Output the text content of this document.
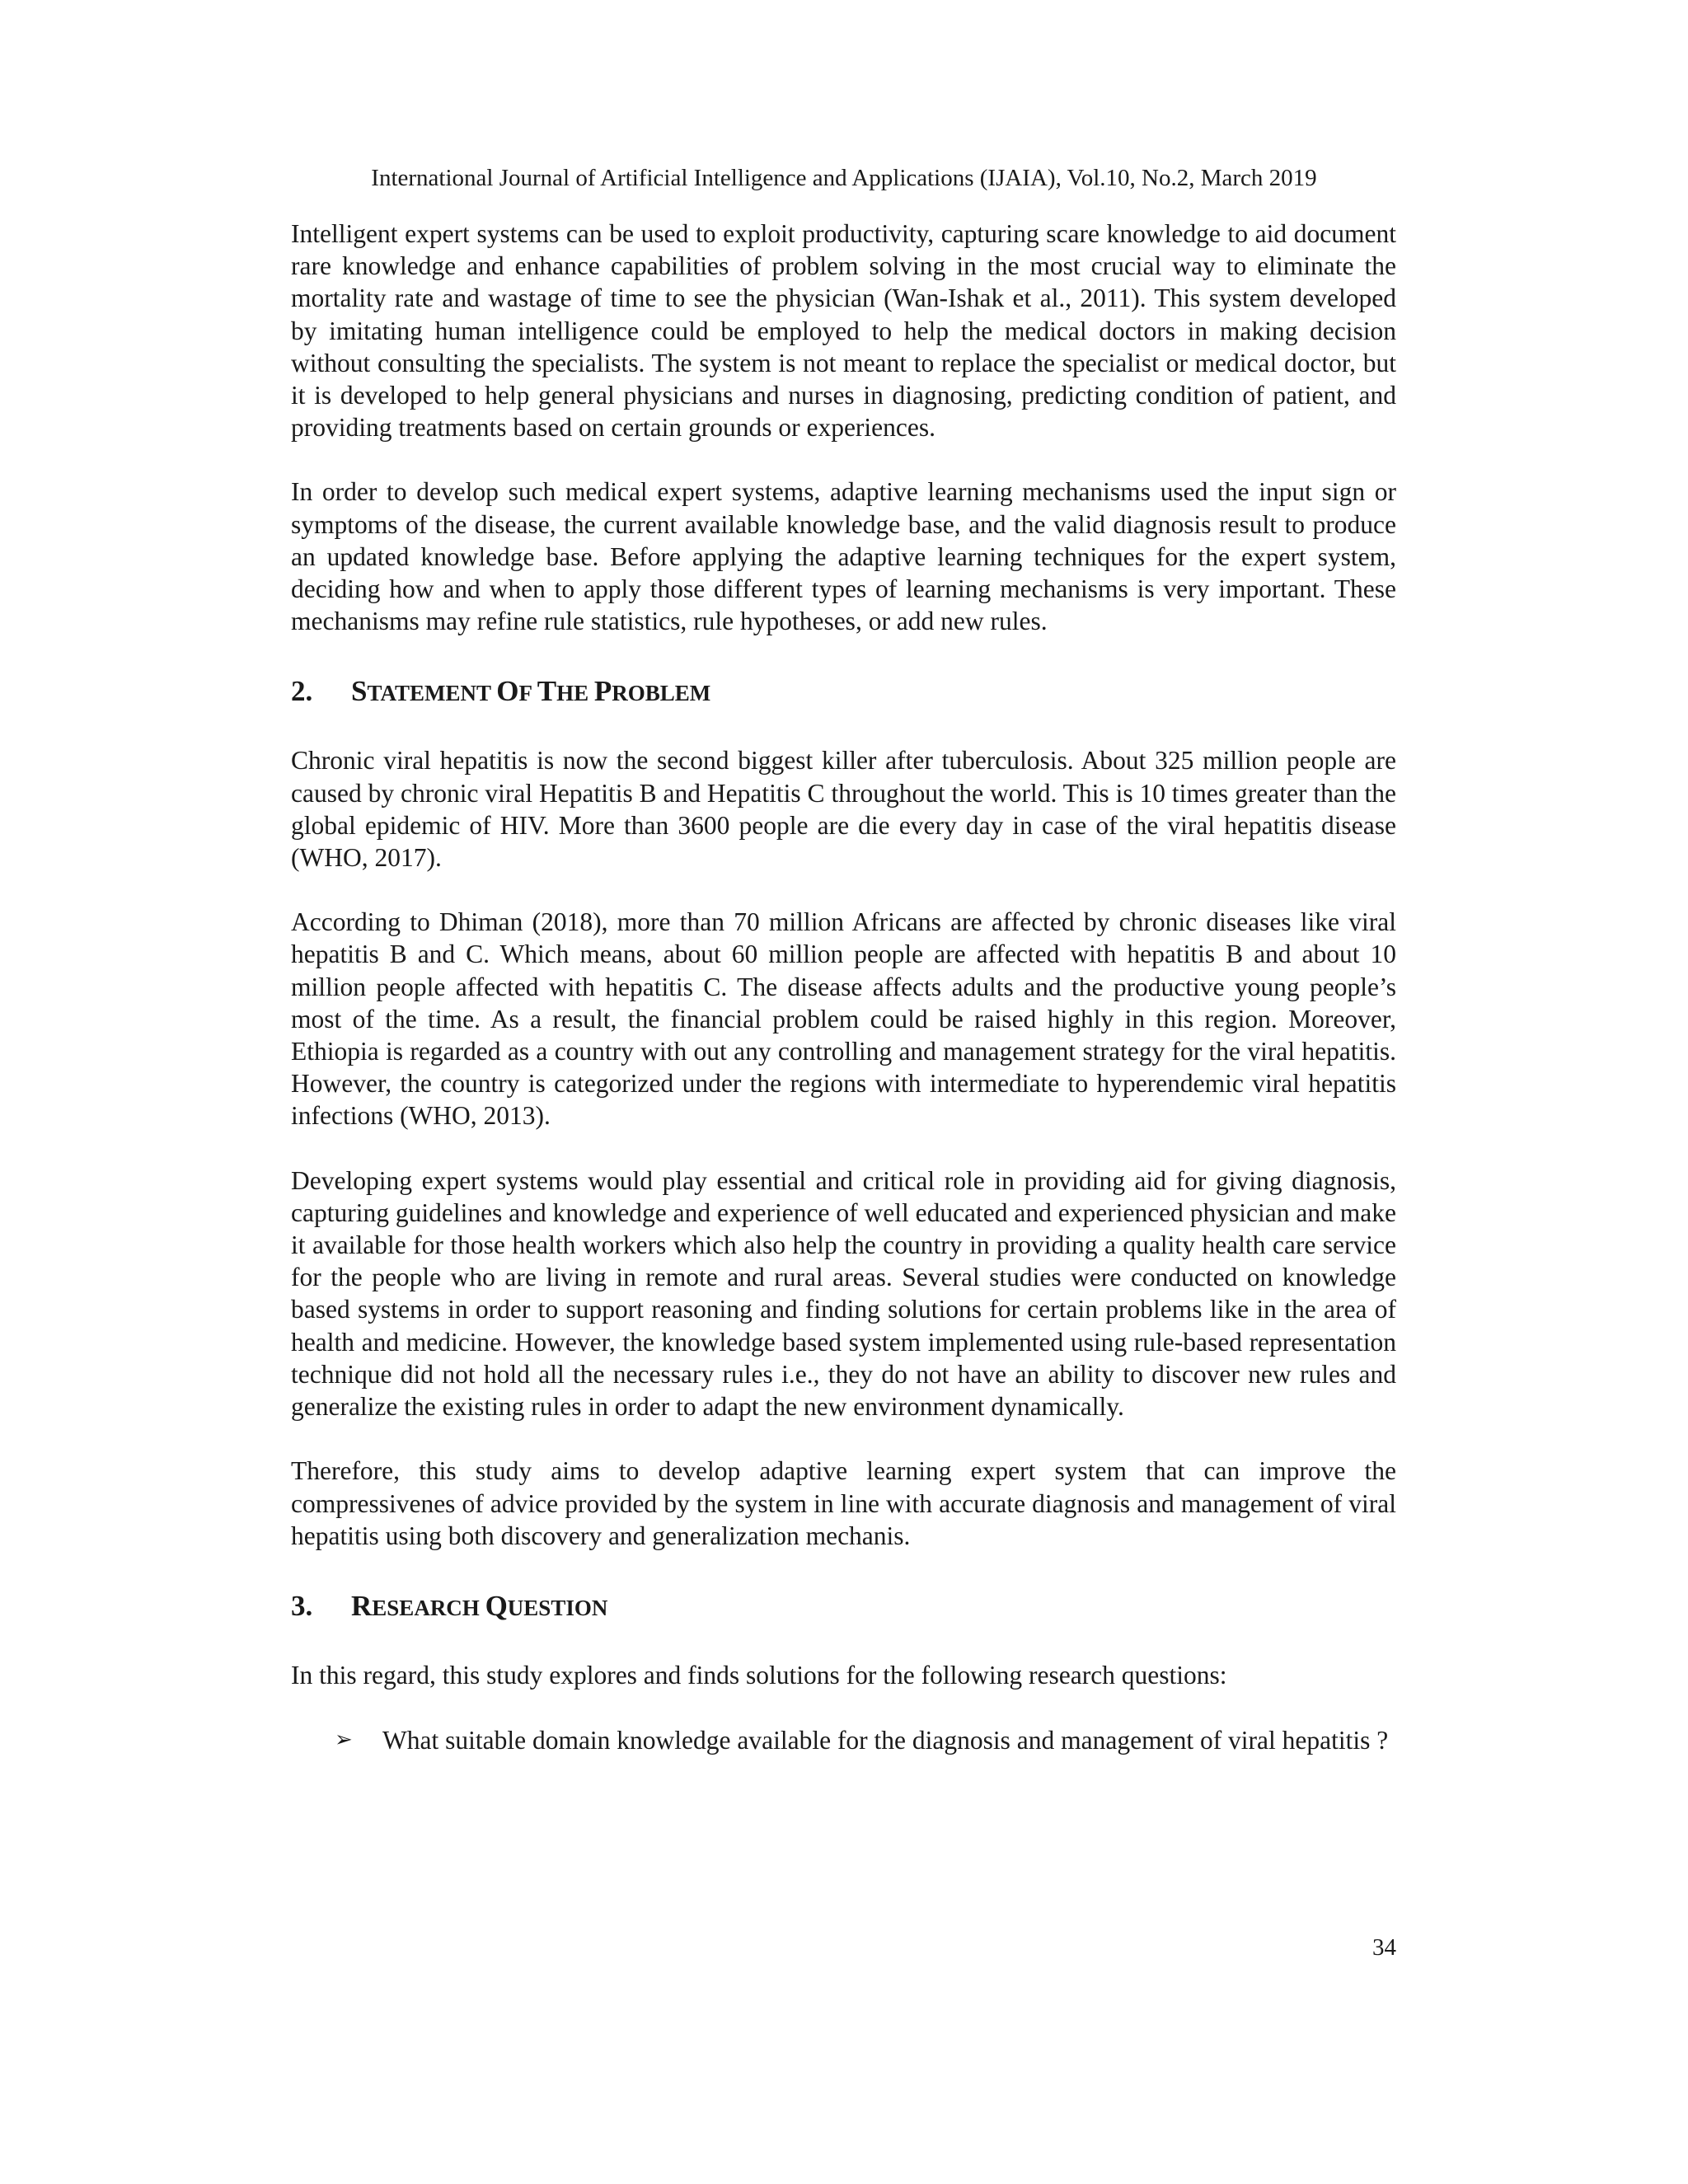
International Journal of Artificial Intelligence and Applications (IJAIA), Vol.10, No.2, March 2019

Intelligent expert systems can be used to exploit productivity, capturing scare knowledge to aid document rare knowledge and enhance capabilities of problem solving in the most crucial way to eliminate the mortality rate and wastage of time to see the physician (Wan-Ishak et al., 2011). This system developed by imitating human intelligence could be employed to help the medical doctors in making decision without consulting the specialists. The system is not meant to replace the specialist or medical doctor, but it is developed to help general physicians and nurses in diagnosing, predicting condition of patient, and providing treatments based on certain grounds or experiences.

In order to develop such medical expert systems, adaptive learning mechanisms used the input sign or symptoms of the disease, the current available knowledge base, and the valid diagnosis result to produce an updated knowledge base. Before applying the adaptive learning techniques for the expert system, deciding how and when to apply those different types of learning mechanisms is very important. These mechanisms may refine rule statistics, rule hypotheses, or add new rules.

2. STATEMENT OF THE PROBLEM

Chronic viral hepatitis is now the second biggest killer after tuberculosis. About 325 million people are caused by chronic viral Hepatitis B and Hepatitis C throughout the world. This is 10 times greater than the global epidemic of HIV. More than 3600 people are die every day in case of the viral hepatitis disease (WHO, 2017).

According to Dhiman (2018), more than 70 million Africans are affected by chronic diseases like viral hepatitis B and C. Which means, about 60 million people are affected with hepatitis B and about 10 million people affected with hepatitis C. The disease affects adults and the productive young people’s most of the time. As a result, the financial problem could be raised highly in this region. Moreover, Ethiopia is regarded as a country with out any controlling and management strategy for the viral hepatitis. However, the country is categorized under the regions with intermediate to hyperendemic viral hepatitis infections (WHO, 2013).

Developing expert systems would play essential and critical role in providing aid for giving diagnosis, capturing guidelines and knowledge and experience of well educated and experienced physician and make it available for those health workers which also help the country in providing a quality health care service for the people who are living in remote and rural areas. Several studies were conducted on knowledge based systems in order to support reasoning and finding solutions for certain problems like in the area of health and medicine. However, the knowledge based system implemented using rule-based representation technique did not hold all the necessary rules i.e., they do not have an ability to discover new rules and generalize the existing rules in order to adapt the new environment dynamically.

Therefore, this study aims to develop adaptive learning expert system that can improve the compressivenes of advice provided by the system in line with accurate diagnosis and management of viral hepatitis using both discovery and generalization mechanis.

3. RESEARCH QUESTION

In this regard, this study explores and finds solutions for the following research questions:

➢ What suitable domain knowledge available for the diagnosis and management of viral hepatitis ?

34
